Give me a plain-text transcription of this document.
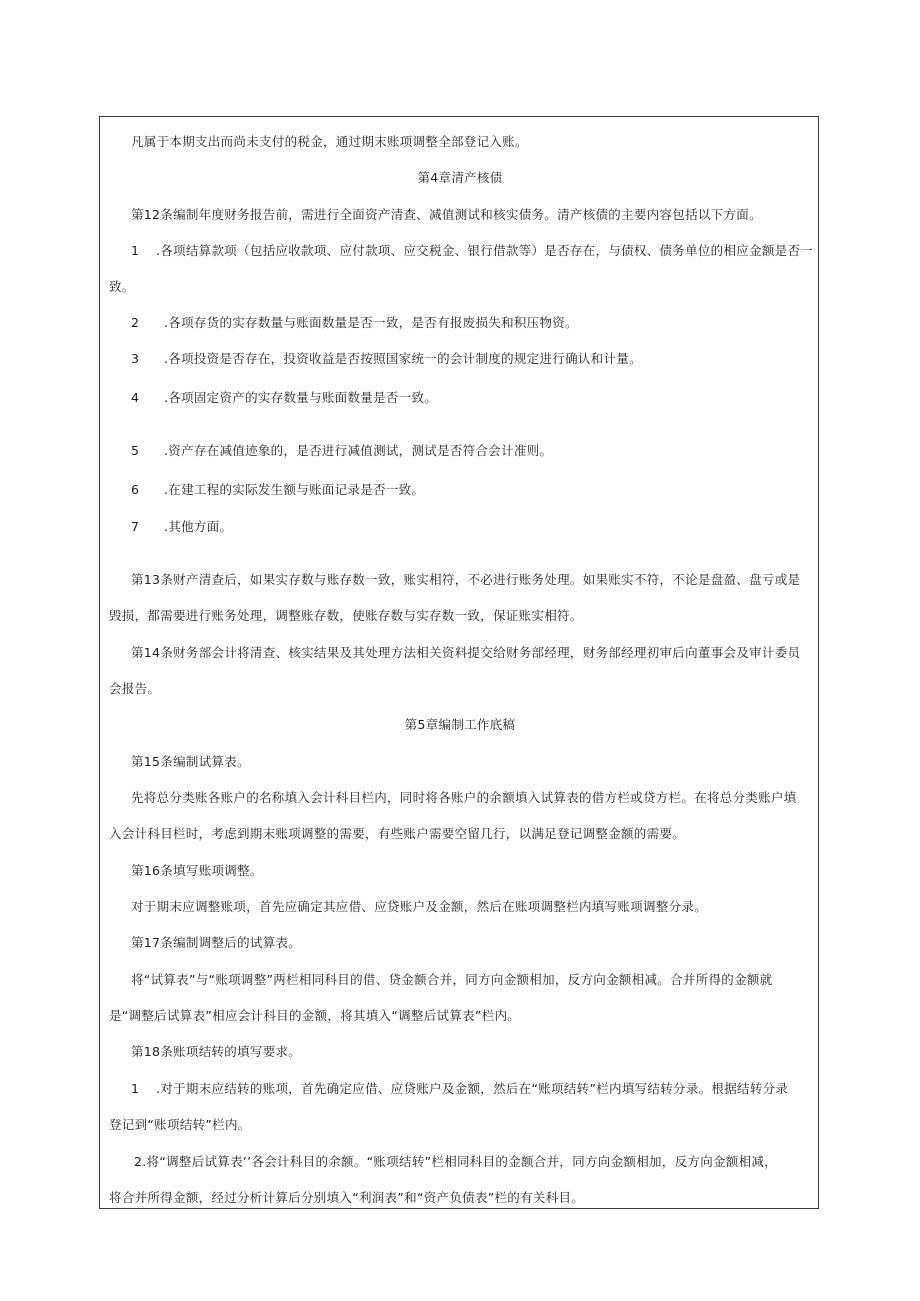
凡属于本期支出而尚未支付的税金，通过期末账项调整全部登记入账。
第4章清产核债
第12条编制年度财务报告前，需进行全面资产清查、减值测试和核实债务。清产核债的主要内容包括以下方面。
1 .各项结算款项（包括应收款项、应付款项、应交税金、银行借款等）是否存在，与债权、债务单位的相应金额是否一
致。
2 .各项存货的实存数量与账面数量是否一致，是否有报废损失和积压物资。
3 .各项投资是否存在，投资收益是否按照国家统一的会计制度的规定进行确认和计量。
4 .各项固定资产的实存数量与账面数量是否一致。
5 .资产存在减值迹象的，是否进行减值测试，测试是否符合会计准则。
6 .在建工程的实际发生额与账面记录是否一致。
7 .其他方面。
第13条财产清查后，如果实存数与账存数一致，账实相符，不必进行账务处理。如果账实不符，不论是盘盈、盘亏或是
毁损，都需要进行账务处理，调整账存数，使账存数与实存数一致，保证账实相符。
第14条财务部会计将清查、核实结果及其处理方法相关资料提交给财务部经理，财务部经理初审后向董事会及审计委员
会报告。
第5章编制工作底稿
第15条编制试算表。
先将总分类账各账户的名称填入会计科目栏内，同时将各账户的余额填入试算表的借方栏或贷方栏。在将总分类账户填
入会计科目栏时，考虑到期末账项调整的需要，有些账户需要空留几行，以满足登记调整金额的需要。
第16条填写账项调整。
对于期末应调整账项，首先应确定其应借、应贷账户及金额，然后在账项调整栏内填写账项调整分录。
第17条编制调整后的试算表。
将“试算表”与“账项调整”两栏相同科目的借、贷金额合并，同方向金额相加，反方向金额相减。合并所得的金额就
是“调整后试算表”相应会计科目的金额，将其填入“调整后试算表”栏内。
第18条账项结转的填写要求。
1 .对于期末应结转的账项，首先确定应借、应贷账户及金额，然后在“账项结转”栏内填写结转分录。根据结转分录
登记到“账项结转”栏内。
2.将“调整后试算表’’各会计科目的余额。“账项结转”栏相同科目的金额合并，同方向金额相加，反方向金额相减，
将合并所得金额，经过分析计算后分别填入“利润表”和“资产负债表”栏的有关科目。
